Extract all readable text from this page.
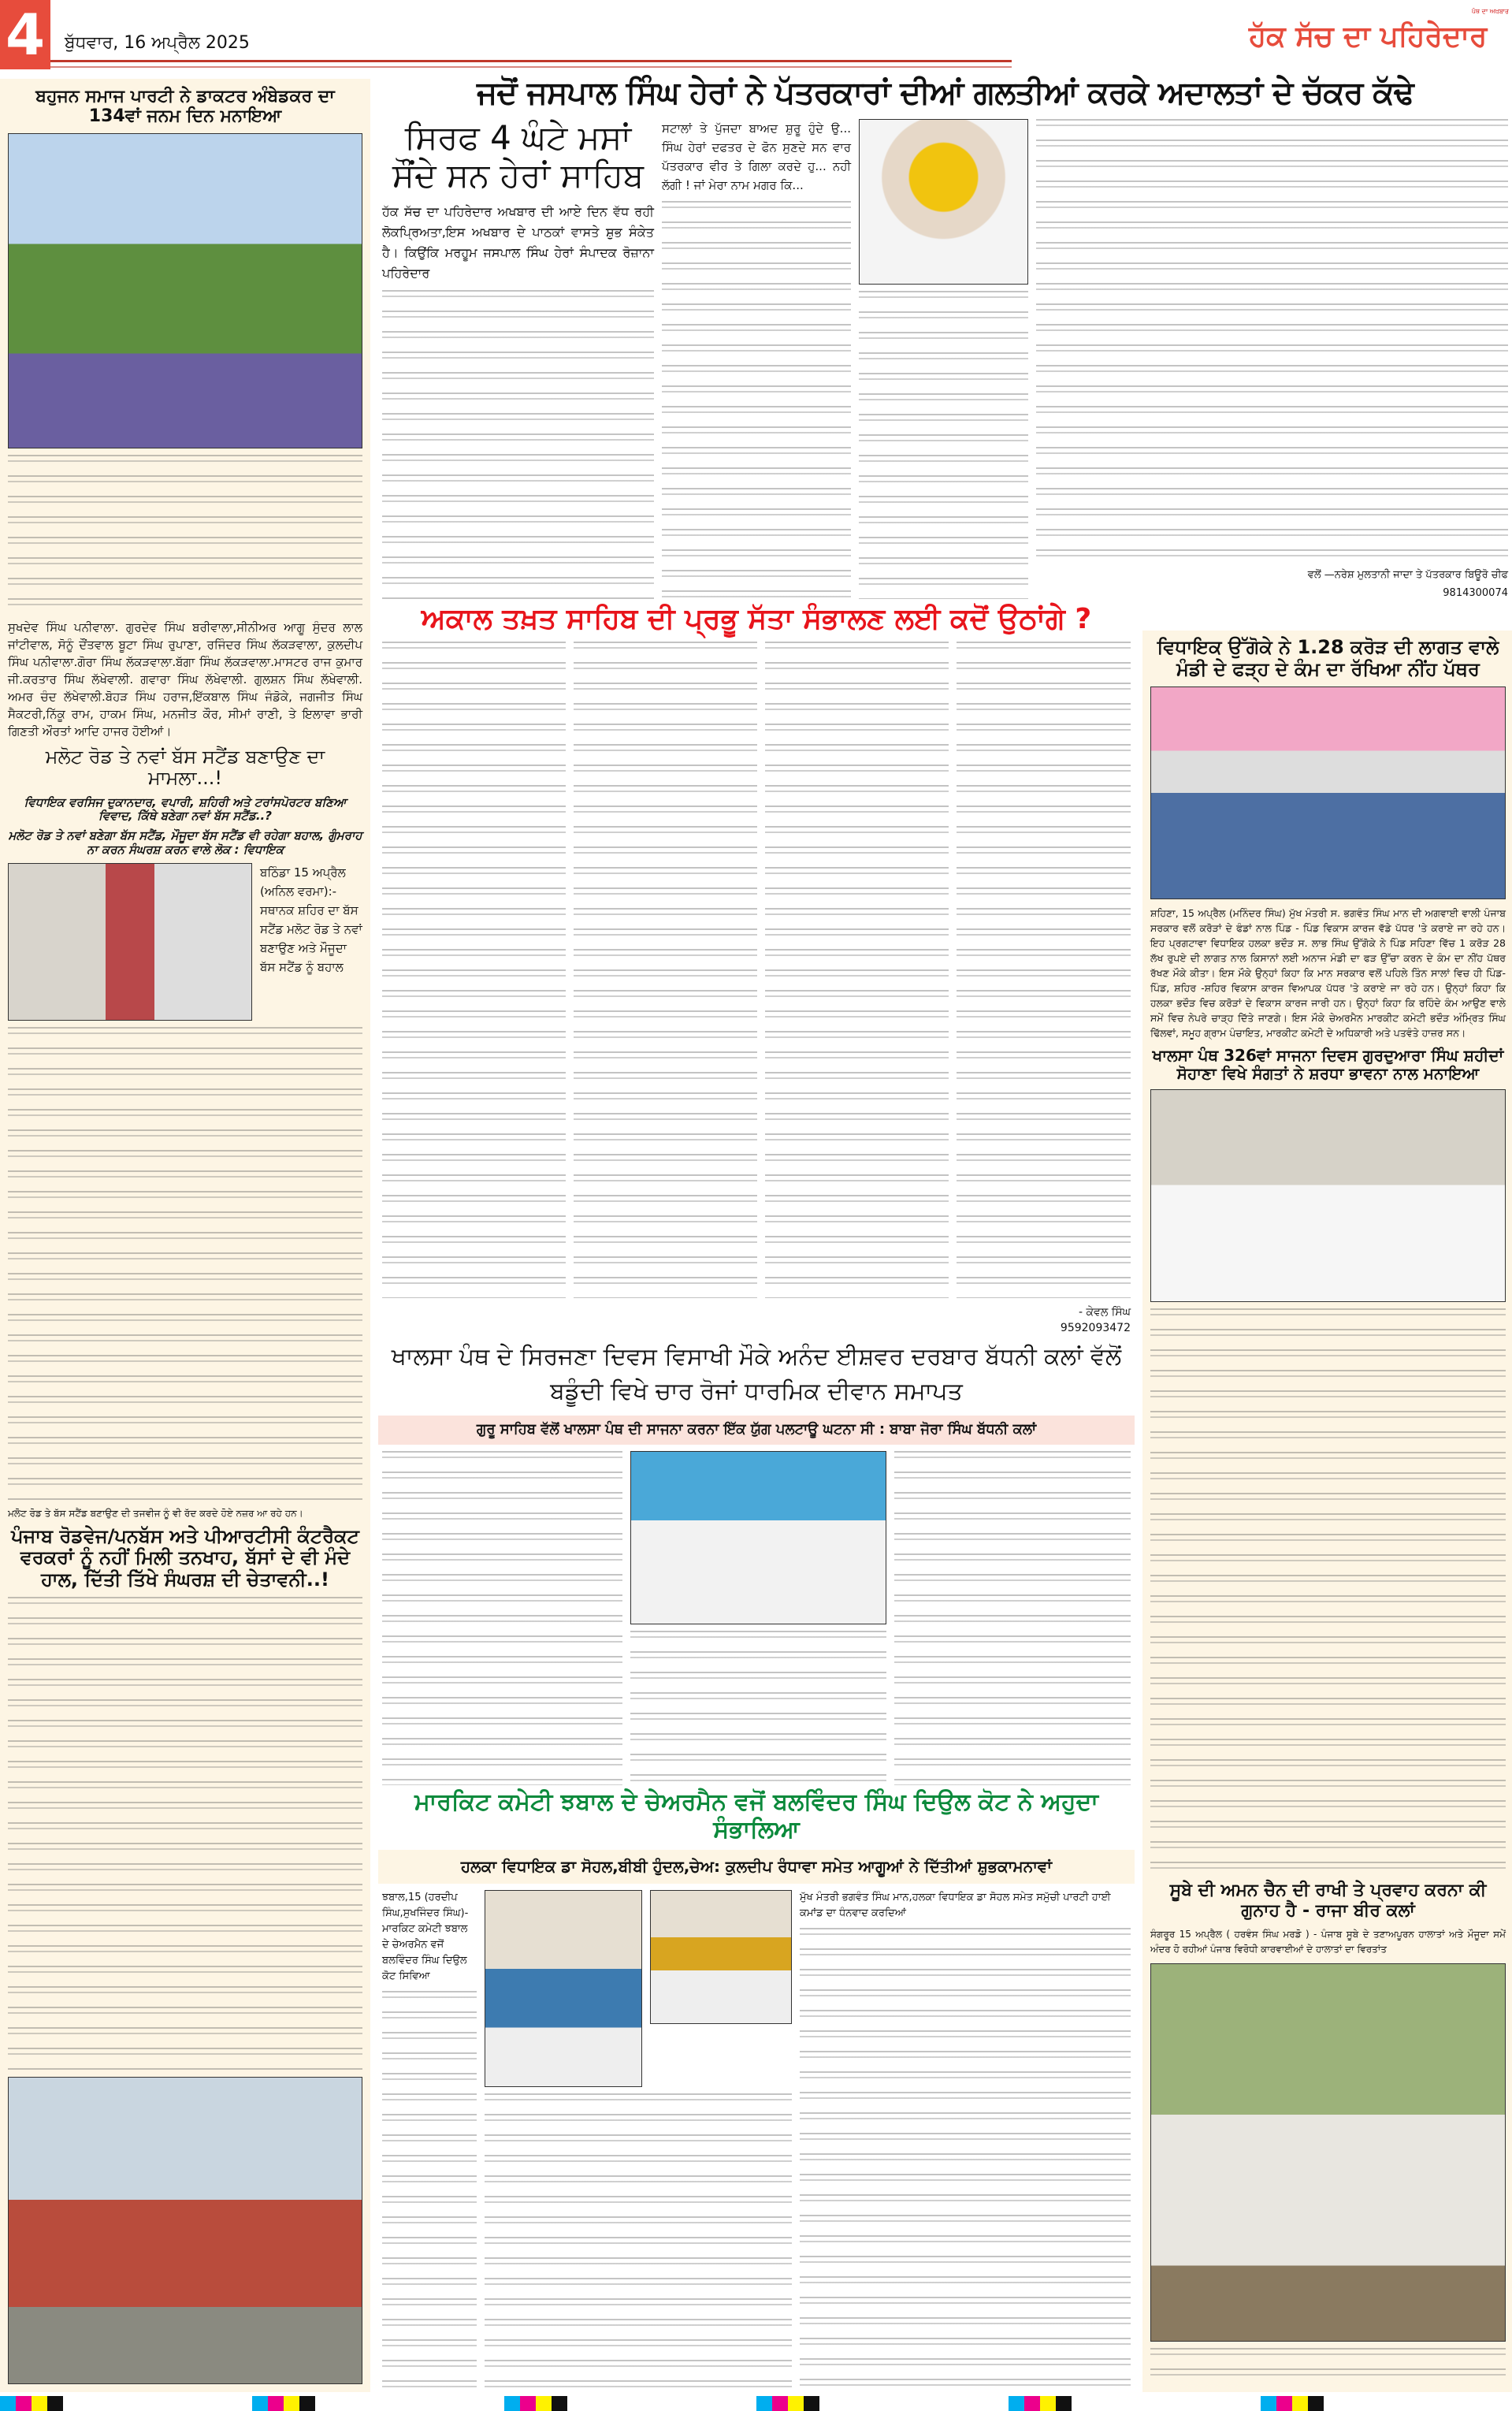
4	ਬੁੱਧਵਾਰ, 16 ਅਪ੍ਰੈਲ 2025	ਹੱਕ ਸੱਚ ਦਾ ਪਹਿਰੇਦਾਰ
ਪੰਥ ਦਾ ਅਖ਼ਬਾਰ
ਬਹੁਜਨ ਸਮਾਜ ਪਾਰਟੀ ਨੇ ਡਾਕਟਰ ਅੰਬੇਡਕਰ ਦਾ 134ਵਾਂ ਜਨਮ ਦਿਨ ਮਨਾਇਆ
ਸੁਖਦੇਵ ਸਿੰਘ ਪਨੀਵਾਲਾ. ਗੁਰਦੇਵ ਸਿੰਘ ਬਰੀਵਾਲਾ,ਸੀਨੀਅਰ ਆਗੂ ਸੁੰਦਰ ਲਾਲ ਜਾਂਟੀਵਾਲ, ਸੋਨੂੰ ਦੌਂਤਵਾਲ ਬੂਟਾ ਸਿੰਘ ਰੁਪਾਣਾ, ਰਜਿੰਦਰ ਸਿੰਘ ਲੱਕੜਵਾਲਾ, ਕੁਲਦੀਪ ਸਿੰਘ ਪਨੀਵਾਲਾ.ਗੋਰਾ ਸਿੰਘ ਲੱਕੜਵਾਲਾ.ਬੱਗਾ ਸਿੰਘ ਲੱਕੜਵਾਲਾ.ਮਾਸਟਰ ਰਾਜ ਕੁਮਾਰ ਜੀ.ਕਰਤਾਰ ਸਿੰਘ ਲੱਖੇਵਾਲੀ. ਗਵਾਰਾ ਸਿੰਘ ਲੱਖੇਵਾਲੀ. ਗੁਲਸ਼ਨ ਸਿੰਘ ਲੱਖੇਵਾਲੀ. ਅਮਰ ਚੰਦ ਲੱਖੇਵਾਲੀ.ਬੋਹੜ ਸਿੰਘ ਹਰਾਜ,ਇੱਕਬਾਲ ਸਿੰਘ ਜੰਡੋਕੇ, ਜਗਜੀਤ ਸਿੰਘ ਸੈਕਟਰੀ,ਨਿੱਕੂ ਰਾਮ, ਹਾਕਮ ਸਿੰਘ, ਮਨਜੀਤ ਕੌਰ, ਸੀਮਾਂ ਰਾਣੀ, ਤੇ ਇਲਾਵਾ ਭਾਰੀ ਗਿਣਤੀ ਔਰਤਾਂ ਆਦਿ ਹਾਜਰ ਹੋਈਆਂ।
ਮਲੋਟ ਰੋਡ ਤੇ ਨਵਾਂ ਬੱਸ ਸਟੈਂਡ ਬਣਾਉਣ ਦਾ ਮਾਮਲਾ...!
ਵਿਧਾਇਕ ਵਰਸਿਜ ਦੁਕਾਨਦਾਰ, ਵਪਾਰੀ, ਸ਼ਹਿਰੀ ਅਤੇ ਟਰਾਂਸਪੋਰਟਰ ਬਣਿਆ ਵਿਵਾਦ, ਕਿੱਥੇ ਬਣੇਗਾ ਨਵਾਂ ਬੱਸ ਸਟੈਂਡ..?
ਮਲੋਟ ਰੋਡ ਤੇ ਨਵਾਂ ਬਣੇਗਾ ਬੱਸ ਸਟੈਂਡ, ਮੌਜੂਦਾ ਬੱਸ ਸਟੈਂਡ ਵੀ ਰਹੇਗਾ ਬਹਾਲ, ਗੁੰਮਰਾਹ ਨਾ ਕਰਨ ਸੰਘਰਸ਼ ਕਰਨ ਵਾਲੇ ਲੋਕ : ਵਿਧਾਇਕ
ਬਠਿੰਡਾ 15 ਅਪ੍ਰੈਲ (ਅਨਿਲ ਵਰਮਾ):- ਸਥਾਨਕ ਸ਼ਹਿਰ ਦਾ ਬੱਸ ਸਟੈਂਡ ਮਲੋਟ ਰੋਡ ਤੇ ਨਵਾਂ ਬਣਾਉਣ ਅਤੇ ਮੌਜੂਦਾ ਬੱਸ ਸਟੈਂਡ ਨੂੰ ਬਹਾਲ
ਮਲੋਟ ਰੋਡ ਤੇ ਬੱਸ ਸਟੈਂਡ ਬਣਾਉਣ ਦੀ ਤਜਵੀਜ ਨੂੰ ਵੀ ਰੱਦ ਕਰਦੇ ਹੋਏ ਨਜ਼ਰ ਆ ਰਹੇ ਹਨ।
ਪੰਜਾਬ ਰੋਡਵੇਜ/ਪਨਬੱਸ ਅਤੇ ਪੀਆਰਟੀਸੀ ਕੰਟਰੈਕਟ ਵਰਕਰਾਂ ਨੂੰ ਨਹੀਂ ਮਿਲੀ ਤਨਖਾਹ, ਬੱਸਾਂ ਦੇ ਵੀ ਮੰਦੇ ਹਾਲ, ਦਿੱਤੀ ਤਿੱਖੇ ਸੰਘਰਸ਼ ਦੀ ਚੇਤਾਵਨੀ..!
ਜਦੋਂ ਜਸਪਾਲ ਸਿੰਘ ਹੇਰਾਂ ਨੇ ਪੱਤਰਕਾਰਾਂ ਦੀਆਂ ਗਲਤੀਆਂ ਕਰਕੇ ਅਦਾਲਤਾਂ ਦੇ ਚੱਕਰ ਕੱਢੇ
ਸਿਰਫ 4 ਘੰਟੇ ਮਸਾਂ ਸੌਂਦੇ ਸਨ ਹੇਰਾਂ ਸਾਹਿਬ
ਹੱਕ ਸੱਚ ਦਾ ਪਹਿਰੇਦਾਰ ਅਖਬਾਰ ਦੀ ਆਏ ਦਿਨ ਵੱਧ ਰਹੀ ਲੋਕਪ੍ਰਿਅਤਾ,ਇਸ ਅਖਬਾਰ ਦੇ ਪਾਠਕਾਂ ਵਾਸਤੇ ਸ਼ੁਭ ਸੰਕੇਤ ਹੈ। ਕਿਉਂਕਿ ਮਰਹੂਮ ਜਸਪਾਲ ਸਿੰਘ ਹੇਰਾਂ ਸੰਪਾਦਕ ਰੋਜ਼ਾਨਾ ਪਹਿਰੇਦਾਰ
ਸਟਾਲਾਂ ਤੇ ਪੁੱਜਦਾ ਬਾਅਦ ਸ਼ੁਰੂ ਹੁੰਦੇ ਉ... ਸਿੰਘ ਹੇਰਾਂ ਦਫਤਰ ਦੇ ਫੋਨ ਸੁਣਦੇ ਸਨ ਵਾਰ ਪੱਤਰਕਾਰ ਵੀਰ ਤੇ ਗਿਲਾ ਕਰਦੇ ਹੁ... ਨਹੀ ਲੱਗੀ ! ਜਾਂ ਮੇਰਾ ਨਾਮ ਮਗਰ ਕਿ...
ਵਲੋਂ —ਨਰੇਸ਼ ਮੁਲਤਾਨੀ ਜਾਦਾ ਤੇ ਪੱਤਰਕਾਰ ਬਿਊਰੋ ਚੀਫ
9814300074
ਅਕਾਲ ਤਖ਼ਤ ਸਾਹਿਬ ਦੀ ਪ੍ਰਭੂ ਸੱਤਾ ਸੰਭਾਲਣ ਲਈ ਕਦੋਂ ਉਠਾਂਗੇ ?
- ਕੇਵਲ ਸਿੰਘ
9592093472
ਖਾਲਸਾ ਪੰਥ ਦੇ ਸਿਰਜਣਾ ਦਿਵਸ ਵਿਸਾਖੀ ਮੌਕੇ ਅਨੰਦ ਈਸ਼ਵਰ ਦਰਬਾਰ ਬੱਧਨੀ ਕਲਾਂ ਵੱਲੋਂ ਬਡੂੰਦੀ ਵਿਖੇ ਚਾਰ ਰੋਜਾਂ ਧਾਰਮਿਕ ਦੀਵਾਨ ਸਮਾਪਤ
ਗੁਰੂ ਸਾਹਿਬ ਵੱਲੋਂ ਖਾਲਸਾ ਪੰਥ ਦੀ ਸਾਜਨਾ ਕਰਨਾ ਇੱਕ ਯੁੱਗ ਪਲਟਾਊ ਘਟਨਾ ਸੀ : ਬਾਬਾ ਜੋਰਾ ਸਿੰਘ ਬੱਧਨੀ ਕਲਾਂ
ਮਾਰਕਿਟ ਕਮੇਟੀ ਝਬਾਲ ਦੇ ਚੇਅਰਮੈਨ ਵਜੋਂ ਬਲਵਿੰਦਰ ਸਿੰਘ ਦਿਉਲ ਕੋਟ ਨੇ ਅਹੁਦਾ ਸੰਭਾਲਿਆ
ਹਲਕਾ ਵਿਧਾਇਕ ਡਾ ਸੋਹਲ,ਬੀਬੀ ਹੁੰਦਲ,ਚੇਅ: ਕੁਲਦੀਪ ਰੰਧਾਵਾ ਸਮੇਤ ਆਗੂਆਂ ਨੇ ਦਿੱਤੀਆਂ ਸ਼ੁਭਕਾਮਨਾਵਾਂ
ਝਬਾਲ,15 (ਹਰਦੀਪ ਸਿੰਘ,ਸੁਖਜਿੰਦਰ ਸਿੰਘ)-ਮਾਰਕਿਟ ਕਮੇਟੀ ਝਬਾਲ ਦੇ ਚੇਅਰਮੈਨ ਵਜੋਂ ਬਲਵਿੰਦਰ ਸਿੰਘ ਦਿਉਲ ਕੋਟ ਸਿਵਿਆ
ਮੁੱਖ ਮੰਤਰੀ ਭਗਵੰਤ ਸਿੰਘ ਮਾਨ,ਹਲਕਾ ਵਿਧਾਇਕ ਡਾ ਸੋਹਲ ਸਮੇਤ ਸਮੁੱਚੀ ਪਾਰਟੀ ਹਾਈ ਕਮਾਂਡ ਦਾ ਧੰਨਵਾਦ ਕਰਦਿਆਂ
ਵਿਧਾਇਕ ਉੱਗੋਕੇ ਨੇ 1.28 ਕਰੋੜ ਦੀ ਲਾਗਤ ਵਾਲੇ ਮੰਡੀ ਦੇ ਫੜ੍ਹ ਦੇ ਕੰਮ ਦਾ ਰੱਖਿਆ ਨੀਂਹ ਪੱਥਰ
ਸ਼ਹਿਣਾ, 15 ਅਪ੍ਰੈਲ (ਮਨਿੰਦਰ ਸਿੰਘ) ਮੁੱਖ ਮੰਤਰੀ ਸ. ਭਗਵੰਤ ਸਿੰਘ ਮਾਨ ਦੀ ਅਗਵਾਈ ਵਾਲੀ ਪੰਜਾਬ ਸਰਕਾਰ ਵਲੋਂ ਕਰੋੜਾਂ ਦੇ ਫੰਡਾਂ ਨਾਲ ਪਿੰਡ - ਪਿੰਡ ਵਿਕਾਸ ਕਾਰਜ ਵੱਡੇ ਪੱਧਰ 'ਤੇ ਕਰਾਏ ਜਾ ਰਹੇ ਹਨ। ਇਹ ਪ੍ਰਗਟਾਵਾ ਵਿਧਾਇਕ ਹਲਕਾ ਭਦੌੜ ਸ. ਲਾਭ ਸਿੰਘ ਉੱਗੋਕੇ ਨੇ ਪਿੰਡ ਸਹਿਣਾ ਵਿੱਚ 1 ਕਰੋੜ 28 ਲੱਖ ਰੁਪਏ ਦੀ ਲਾਗਤ ਨਾਲ ਕਿਸਾਨਾਂ ਲਈ ਅਨਾਜ ਮੰਡੀ ਦਾ ਫੜ ਉੱਚਾ ਕਰਨ ਦੇ ਕੰਮ ਦਾ ਨੀਂਹ ਪੱਥਰ ਰੱਖਣ ਮੌਕੇ ਕੀਤਾ। ਇਸ ਮੌਕੇ ਉਨ੍ਹਾਂ ਕਿਹਾ ਕਿ ਮਾਨ ਸਰਕਾਰ ਵਲੋਂ ਪਹਿਲੇ ਤਿੰਨ ਸਾਲਾਂ ਵਿਚ ਹੀ ਪਿੰਡ- ਪਿੰਡ, ਸ਼ਹਿਰ -ਸ਼ਹਿਰ ਵਿਕਾਸ ਕਾਰਜ ਵਿਆਪਕ ਪੱਧਰ 'ਤੇ ਕਰਾਏ ਜਾ ਰਹੇ ਹਨ। ਉਨ੍ਹਾਂ ਕਿਹਾ ਕਿ ਹਲਕਾ ਭਦੌੜ ਵਿਚ ਕਰੋੜਾਂ ਦੇ ਵਿਕਾਸ ਕਾਰਜ ਜਾਰੀ ਹਨ। ਉਨ੍ਹਾਂ ਕਿਹਾ ਕਿ ਰਹਿੰਦੇ ਕੰਮ ਆਉਣ ਵਾਲੇ ਸਮੇਂ ਵਿਚ ਨੇਪਰੇ ਚਾੜ੍ਹ ਦਿੱਤੇ ਜਾਣਗੇ। ਇਸ ਮੌਕੇ ਚੇਅਰਮੈਨ ਮਾਰਕੀਟ ਕਮੇਟੀ ਭਦੌੜ ਅੰਮ੍ਰਿਤ ਸਿੰਘ ਢਿੱਲਵਾਂ, ਸਮੂਹ ਗ੍ਰਾਮ ਪੰਚਾਇਤ, ਮਾਰਕੀਟ ਕਮੇਟੀ ਦੇ ਅਧਿਕਾਰੀ ਅਤੇ ਪਤਵੰਤੇ ਹਾਜ਼ਰ ਸਨ।
ਖਾਲਸਾ ਪੰਥ 326ਵਾਂ ਸਾਜਨਾ ਦਿਵਸ ਗੁਰਦੁਆਰਾ ਸਿੰਘ ਸ਼ਹੀਦਾਂ ਸੋਹਾਣਾ ਵਿਖੇ ਸੰਗਤਾਂ ਨੇ ਸ਼ਰਧਾ ਭਾਵਨਾ ਨਾਲ ਮਨਾਇਆ
ਸੂਬੇ ਦੀ ਅਮਨ ਚੈਨ ਦੀ ਰਾਖੀ ਤੇ ਪ੍ਰਵਾਹ ਕਰਨਾ ਕੀ ਗੁਨਾਹ ਹੈ - ਰਾਜਾ ਬੀਰ ਕਲਾਂ
ਸੰਗਰੂਰ 15 ਅਪ੍ਰੈਲ ( ਹਰਵੰਸ ਸਿੰਘ ਮਰਡੋ ) - ਪੰਜਾਬ ਸੂਬੇ ਦੇ ਤਣਾਅਪੂਰਨ ਹਾਲਾਤਾਂ ਅਤੇ ਮੌਜੂਦਾ ਸਮੇਂ ਅੰਦਰ ਹੋ ਰਹੀਆਂ ਪੰਜਾਬ ਵਿਰੋਧੀ ਕਾਰਵਾਈਆਂ ਦੇ ਹਾਲਾਤਾਂ ਦਾ ਵਿਰਤਾਂਤ
